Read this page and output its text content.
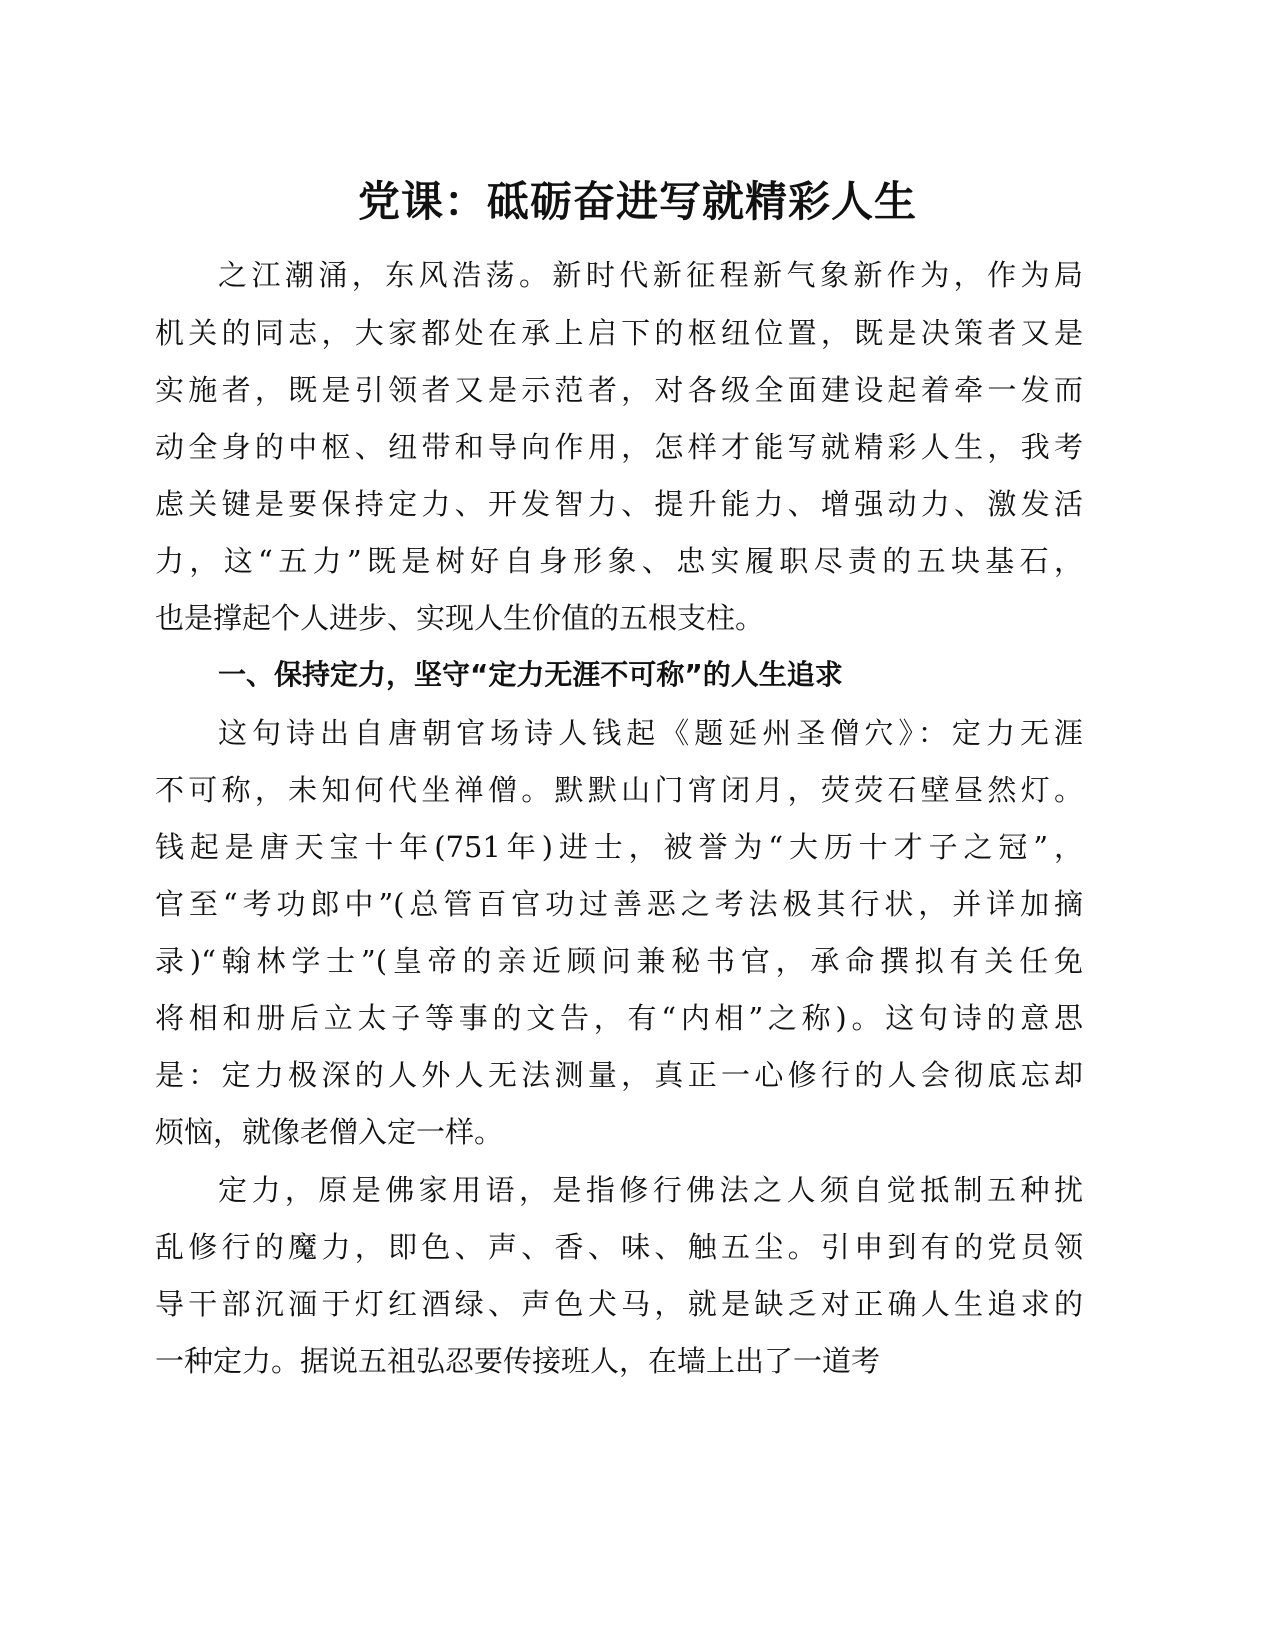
党课：砥砺奋进写就精彩人生

之江潮涌，东风浩荡。新时代新征程新气象新作为，作为局

机关的同志，大家都处在承上启下的枢纽位置，既是决策者又是

实施者，既是引领者又是示范者，对各级全面建设起着牵一发而

动全身的中枢、纽带和导向作用，怎样才能写就精彩人生，我考

虑关键是要保持定力、开发智力、提升能力、增强动力、激发活

力，这“五力”既是树好自身形象、忠实履职尽责的五块基石，

也是撑起个人进步、实现人生价值的五根支柱。

一、保持定力，坚守“定力无涯不可称”的人生追求

这句诗出自唐朝官场诗人钱起《题延州圣僧穴》：定力无涯

不可称，未知何代坐禅僧。默默山门宵闭月，荧荧石壁昼然灯。

钱起是唐天宝十年(751年)进士，被誉为“大历十才子之冠”，

官至“考功郎中”(总管百官功过善恶之考法极其行状，并详加摘

录)“翰林学士”(皇帝的亲近顾问兼秘书官，承命撰拟有关任免

将相和册后立太子等事的文告，有“内相”之称)。这句诗的意思

是：定力极深的人外人无法测量，真正一心修行的人会彻底忘却

烦恼，就像老僧入定一样。

定力，原是佛家用语，是指修行佛法之人须自觉抵制五种扰

乱修行的魔力，即色、声、香、味、触五尘。引申到有的党员领

导干部沉湎于灯红酒绿、声色犬马，就是缺乏对正确人生追求的

一种定力。据说五祖弘忍要传接班人，在墙上出了一道考
